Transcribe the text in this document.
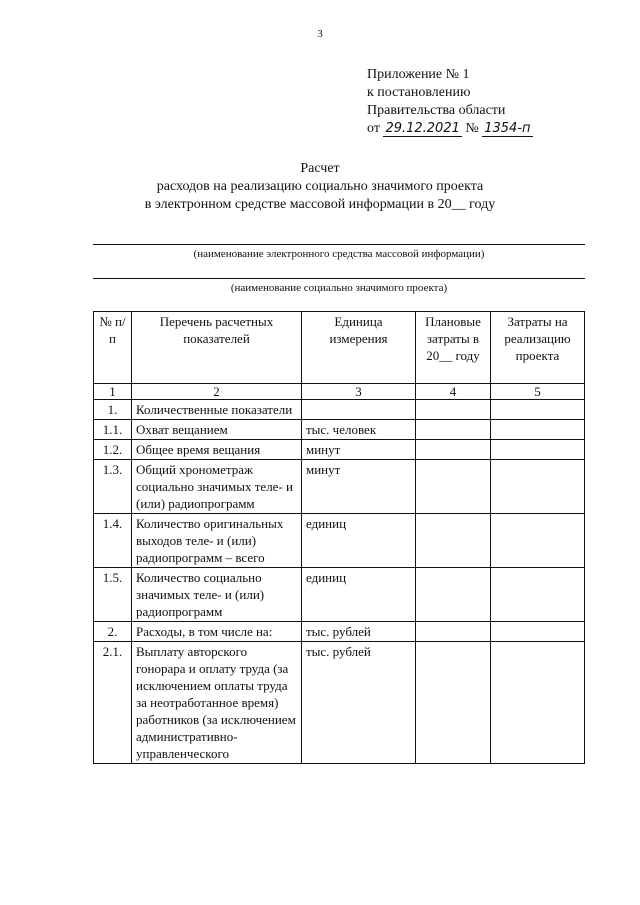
3
Приложение № 1
к постановлению
Правительства области
от 29.12.2021 № 1354-п
Расчет
расходов на реализацию социально значимого проекта
в электронном средстве массовой информации в 20__ году
(наименование электронного средства массовой информации)
(наименование социально значимого проекта)
№ п/п	Перечень расчетных показателей	Единица измерения	Плановые затраты в 20__ году	Затраты на реализацию проекта
1	2	3	4	5
1.	Количественные показатели			
1.1.	Охват вещанием	тыс. человек		
1.2.	Общее время вещания	минут		
1.3.	Общий хронометраж социально значимых теле- и (или) радиопрограмм	минут		
1.4.	Количество оригинальных выходов теле- и (или) радиопрограмм – всего	единиц		
1.5.	Количество социально значимых теле- и (или) радиопрограмм	единиц		
2.	Расходы, в том числе на:	тыс. рублей		
2.1.	Выплату авторского гонорара и оплату труда (за исключением оплаты труда за неотработанное время) работников (за исключением административно-управленческого	тыс. рублей		
